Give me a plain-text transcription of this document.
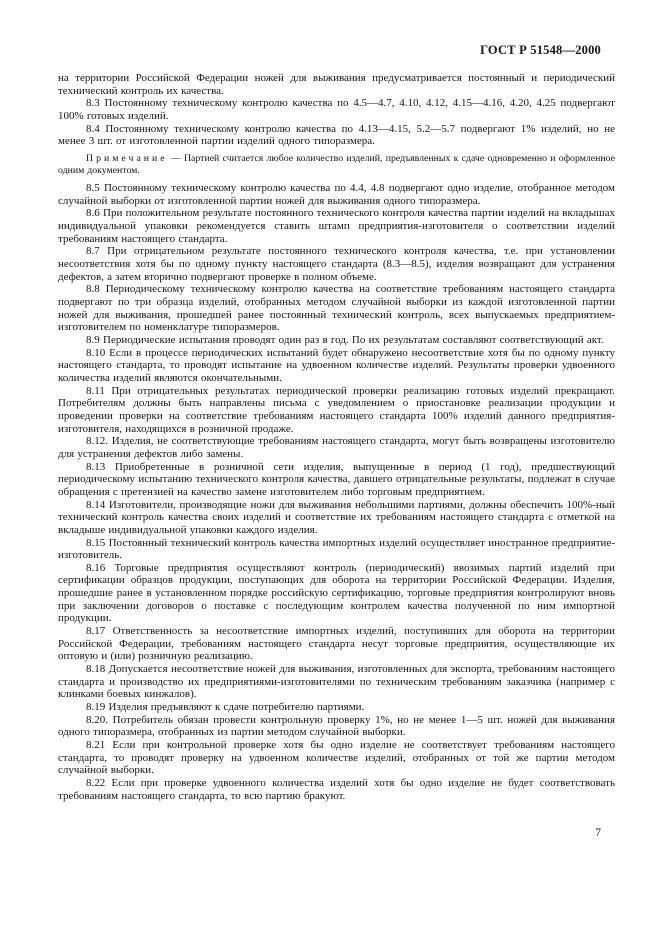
ГОСТ Р 51548—2000

на территории Российской Федерации ножей для выживания предусматривается постоянный и периодический технический контроль их качества.

8.3 Постоянному техническому контролю качества по 4.5—4.7, 4.10, 4.12, 4.15—4.16, 4.20, 4.25 подвергают 100% готовых изделий.

8.4 Постоянному техническому контролю качества по 4.13—4.15, 5.2—5.7 подвергают 1% изделий, но не менее 3 шт. от изготовленной партии изделий одного типоразмера.

Примечание — Партией считается любое количество изделий, предъявленных к сдаче одновременно и оформленное одним документом.

8.5 Постоянному техническому контролю качества по 4.4, 4.8 подвергают одно изделие, отобранное методом случайной выборки от изготовленной партии ножей для выживания одного типоразмера.

8.6 При положительном результате постоянного технического контроля качества партии изделий на вкладышах индивидуальной упаковки рекомендуется ставить штамп предприятия-изготовителя о соответствии изделий требованиям настоящего стандарта.

8.7 При отрицательном результате постоянного технического контроля качества, т.е. при установлении несоответствия хотя бы по одному пункту настоящего стандарта (8.3—8.5), изделия возвращают для устранения дефектов, а затем вторично подвергают проверке в полном объеме.

8.8 Периодическому техническому контролю качества на соответствие требованиям настоящего стандарта подвергают по три образца изделий, отобранных методом случайной выборки из каждой изготовленной партии ножей для выживания, прошедшей ранее постоянный технический контроль, всех выпускаемых предприятием-изготовителем по номенклатуре типоразмеров.

8.9 Периодические испытания проводят один раз в год. По их результатам составляют соответствующий акт.

8.10 Если в процессе периодических испытаний будет обнаружено несоответствие хотя бы по одному пункту настоящего стандарта, то проводят испытание на удвоенном количестве изделий. Результаты проверки удвоенного количества изделий являются окончательными.

8.11 При отрицательных результатах периодической проверки реализацию готовых изделий прекращают. Потребителям должны быть направлены письма с уведомлением о приостановке реализации продукции и проведении проверки на соответствие требованиям настоящего стандарта 100% изделий данного предприятия-изготовителя, находящихся в розничной продаже.

8.12. Изделия, не соответствующие требованиям настоящего стандарта, могут быть возвращены изготовителю для устранения дефектов либо замены.

8.13 Приобретенные в розничной сети изделия, выпущенные в период (1 год), предшествующий периодическому испытанию технического контроля качества, давшего отрицательные результаты, подлежат в случае обращения с претензией на качество замене изготовителем либо торговым предприятием.

8.14 Изготовители, производящие ножи для выживания небольшими партиями, должны обеспечить 100%-ный технический контроль качества своих изделий и соответствие их требованиям настоящего стандарта с отметкой на вкладыше индивидуальной упаковки каждого изделия.

8.15 Постоянный технический контроль качества импортных изделий осуществляет иностранное предприятие-изготовитель.

8.16 Торговые предприятия осуществляют контроль (периодический) ввозимых партий изделий при сертификации образцов продукции, поступающих для оборота на территории Российской Федерации. Изделия, прошедшие ранее в установленном порядке российскую сертификацию, торговые предприятия контролируют вновь при заключении договоров о поставке с последующим контролем качества полученной по ним импортной продукции.

8.17 Ответственность за несоответствие импортных изделий, поступивших для оборота на территории Российской Федерации, требованиям настоящего стандарта несут торговые предприятия, осуществляющие их оптовую и (или) розничную реализацию.

8.18 Допускается несоответствие ножей для выживания, изготовленных для экспорта, требованиям настоящего стандарта и производство их предприятиями-изготовителями по техническим требованиям заказчика (например с клинками боевых кинжалов).

8.19 Изделия предъявляют к сдаче потребителю партиями.

8.20. Потребитель обязан провести контрольную проверку 1%, но не менее 1—5 шт. ножей для выживания одного типоразмера, отобранных из партии методом случайной выборки.

8.21 Если при контрольной проверке хотя бы одно изделие не соответствует требованиям настоящего стандарта, то проводят проверку на удвоенном количестве изделий, отобранных от той же партии методом случайной выборки.

8.22 Если при проверке удвоенного количества изделий хотя бы одно изделие не будет соответствовать требованиям настоящего стандарта, то всю партию бракуют.

7
